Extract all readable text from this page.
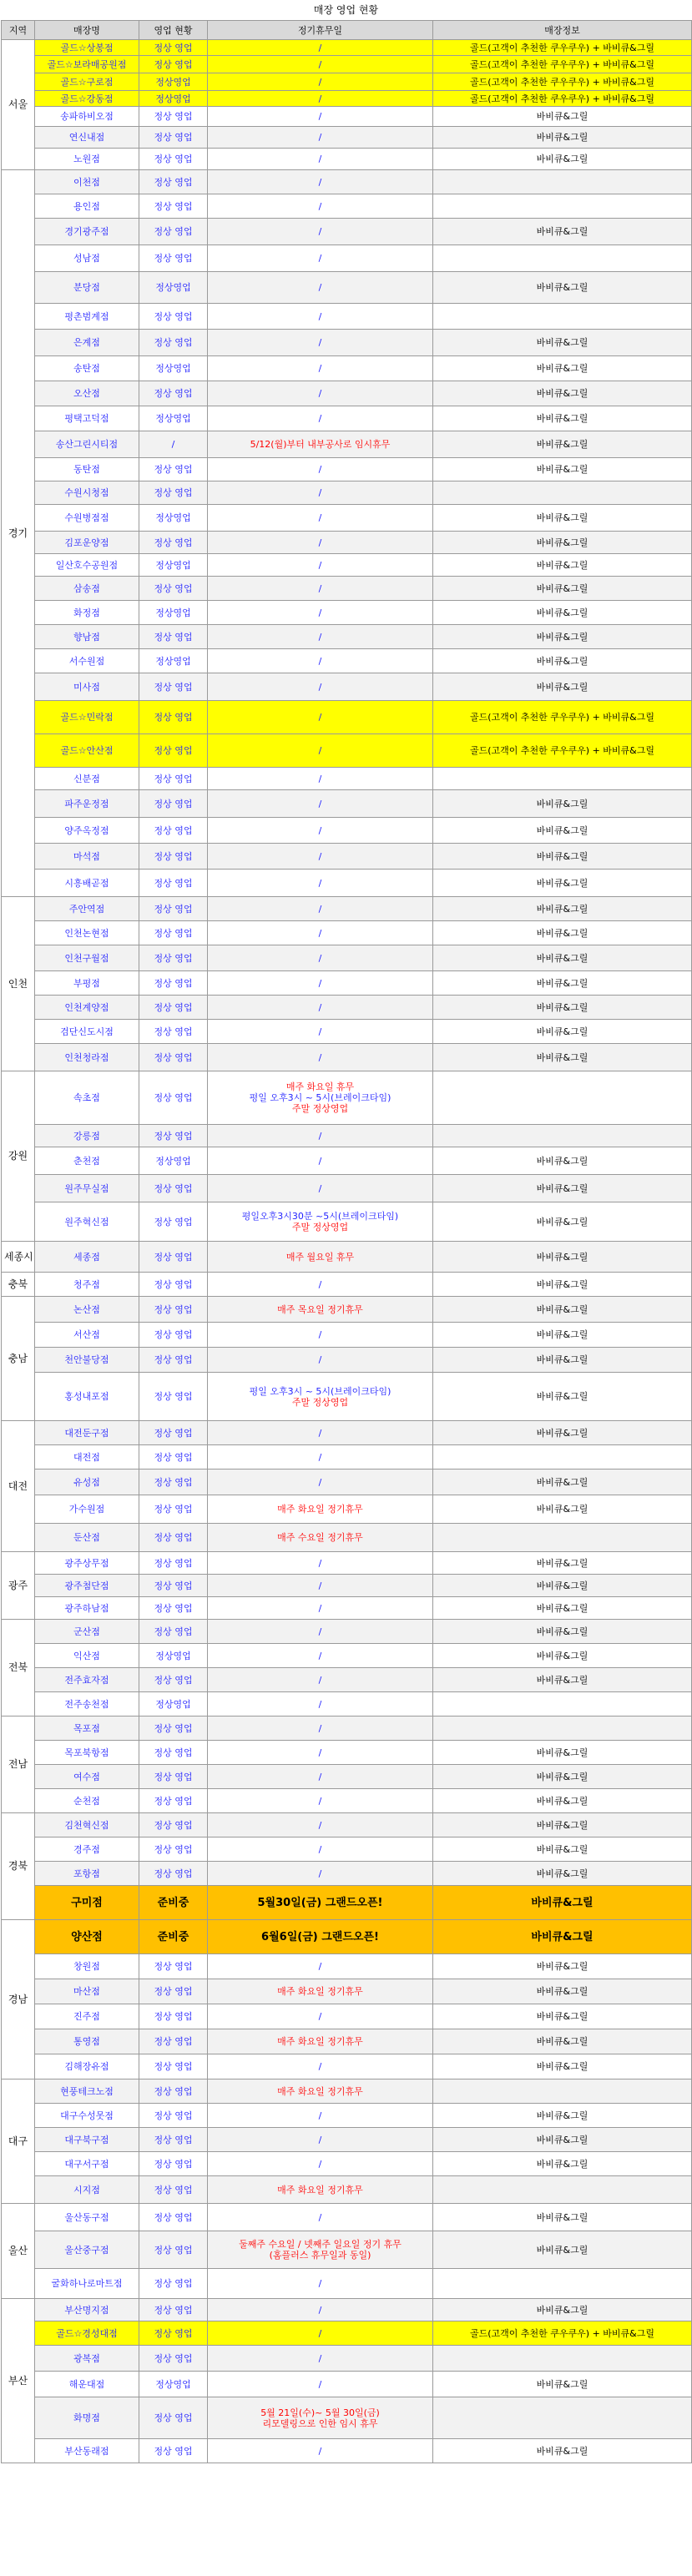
매장 영업 현황
지역	매장명	영업 현황	정기휴무일	매장정보
서울	골드☆상봉점	정상 영업	/	골드(고객이 추천한 쿠우쿠우) + 바비큐&그릴
	골드☆보라매공원점	정상 영업	/	골드(고객이 추천한 쿠우쿠우) + 바비큐&그릴
	골드☆구로점	정상영업	/	골드(고객이 추천한 쿠우쿠우) + 바비큐&그릴
	골드☆강동점	정상영업	/	골드(고객이 추천한 쿠우쿠우) + 바비큐&그릴
	송파하비오점	정상 영업	/	바비큐&그릴
	연신내점	정상 영업	/	바비큐&그릴
	노원점	정상 영업	/	바비큐&그릴
경기	이천점	정상 영업	/	
	용인점	정상 영업	/	
	경기광주점	정상 영업	/	바비큐&그릴
	성남점	정상 영업	/	
	분당점	정상영업	/	바비큐&그릴
	평촌범계점	정상 영업	/	
	은계점	정상 영업	/	바비큐&그릴
	송탄점	정상영업	/	바비큐&그릴
	오산점	정상 영업	/	바비큐&그릴
	평택고덕점	정상영업	/	바비큐&그릴
	송산그린시티점	/	5/12(월)부터 내부공사로 임시휴무	바비큐&그릴
	동탄점	정상 영업	/	바비큐&그릴
	수원시청점	정상 영업	/	
	수원병점점	정상영업	/	바비큐&그릴
	김포운양점	정상 영업	/	바비큐&그릴
	일산호수공원점	정상영업	/	바비큐&그릴
	삼송점	정상 영업	/	바비큐&그릴
	화정점	정상영업	/	바비큐&그릴
	향남점	정상 영업	/	바비큐&그릴
	서수원점	정상영업	/	바비큐&그릴
	미사점	정상 영업	/	바비큐&그릴
	골드☆민락점	정상 영업	/	골드(고객이 추천한 쿠우쿠우) + 바비큐&그릴
	골드☆안산점	정상 영업	/	골드(고객이 추천한 쿠우쿠우) + 바비큐&그릴
	신분점	정상 영업	/	
	파주운정점	정상 영업	/	바비큐&그릴
	양주옥정점	정상 영업	/	바비큐&그릴
	마석점	정상 영업	/	바비큐&그릴
	시흥배곧점	정상 영업	/	바비큐&그릴
인천	주안역점	정상 영업	/	바비큐&그릴
	인천논현점	정상 영업	/	바비큐&그릴
	인천구월점	정상 영업	/	바비큐&그릴
	부평점	정상 영업	/	바비큐&그릴
	인천계양점	정상 영업	/	바비큐&그릴
	검단신도시점	정상 영업	/	바비큐&그릴
	인천청라점	정상 영업	/	바비큐&그릴
강원	속초점	정상 영업	매주 화요일 휴무
평일 오후3시 ~ 5시(브레이크타임)
주말 정상영업	

	강릉점	정상 영업	/	
	춘천점	정상영업	/	바비큐&그릴
	원주무실점	정상 영업	/	바비큐&그릴
	원주혁신점	정상 영업	평일오후3시30분 ~5시(브레이크타임)
주말 정상영업	바비큐&그릴
세종시	세종점	정상 영업	매주 월요일 휴무	바비큐&그릴
충북	청주점	정상 영업	/	바비큐&그릴
충남	논산점	정상 영업	매주 목요일 정기휴무	바비큐&그릴
	서산점	정상 영업	/	바비큐&그릴
	천안불당점	정상 영업	/	바비큐&그릴
	홍성내포점	정상 영업	평일 오후3시 ~ 5시(브레이크타임)
주말 정상영업	바비큐&그릴
대전	대전둔구점	정상 영업	/	바비큐&그릴
	대전점	정상 영업	/	
	유성점	정상 영업	/	바비큐&그릴
	가수원점	정상 영업	매주 화요일 정기휴무	바비큐&그릴
	둔산점	정상 영업	매주 수요일 정기휴무	
광주	광주상무점	정상 영업	/	바비큐&그릴
	광주첨단점	정상 영업	/	바비큐&그릴
	광주하남점	정상 영업	/	바비큐&그릴
전북	군산점	정상 영업	/	바비큐&그릴
	익산점	정상영업	/	바비큐&그릴
	전주효자점	정상 영업	/	바비큐&그릴
	전주송천점	정상영업	/	
전남	목포점	정상 영업	/	
	목포북항점	정상 영업	/	바비큐&그릴
	여수점	정상 영업	/	바비큐&그릴
	순천점	정상 영업	/	바비큐&그릴
경북	김천혁신점	정상 영업	/	바비큐&그릴
	경주점	정상 영업	/	바비큐&그릴
	포항점	정상 영업	/	바비큐&그릴
	구미점	준비중	5월30일(금) 그랜드오픈!	바비큐&그릴
경남	양산점	준비중	6월6일(금) 그랜드오픈!	바비큐&그릴
	창원점	정상 영업	/	바비큐&그릴
	마산점	정상 영업	매주 화요일 정기휴무	바비큐&그릴
	진주점	정상 영업	/	바비큐&그릴
	통영점	정상 영업	매주 화요일 정기휴무	바비큐&그릴
	김해장유점	정상 영업	/	바비큐&그릴
대구	현풍테크노점	정상 영업	매주 화요일 정기휴무	
	대구수성못점	정상 영업	/	바비큐&그릴
	대구북구점	정상 영업	/	바비큐&그릴
	대구서구점	정상 영업	/	바비큐&그릴
	시지점	정상 영업	매주 화요일 정기휴무	
울산	울산동구점	정상 영업	/	바비큐&그릴
	울산중구점	정상 영업	둘째주 수요일 / 넷째주 일요일 정기 휴무
(홈플러스 휴무일과 동일)	바비큐&그릴
	굴화하나로마트점	정상 영업	/	
부산	부산명지점	정상 영업	/	바비큐&그릴
	골드☆경성대점	정상 영업	/	골드(고객이 추천한 쿠우쿠우) + 바비큐&그릴
	광복점	정상 영업	/	
	해운대점	정상영업	/	바비큐&그릴
	화명점	정상 영업	5월 21일(수)~ 5월 30일(금)
리모델링으로 인한 임시 휴무	
	부산동래점	정상 영업	/	바비큐&그릴
